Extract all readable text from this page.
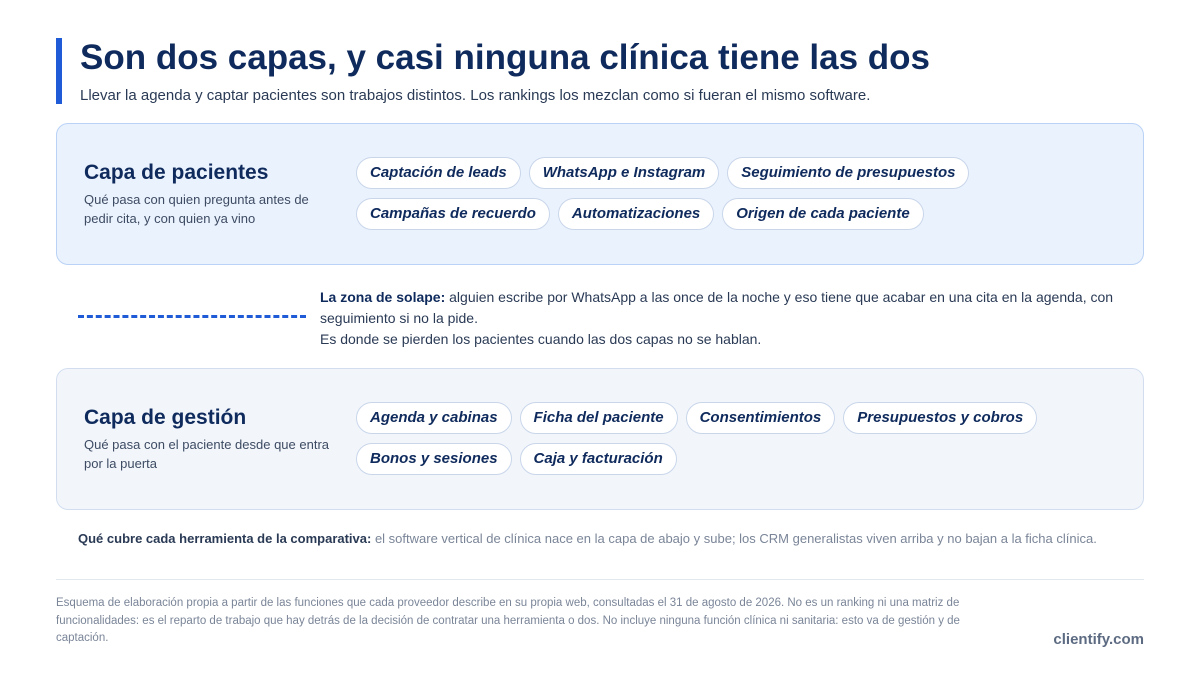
Son dos capas, y casi ninguna clínica tiene las dos

Llevar la agenda y captar pacientes son trabajos distintos. Los rankings los mezclan como si fueran el mismo software.

Capa de pacientes

Qué pasa con quien pregunta antes de pedir cita, y con quien ya vino

Captación de leads	WhatsApp e Instagram	Seguimiento de presupuestos
Campañas de recuerdo	Automatizaciones	Origen de cada paciente

La zona de solape: alguien escribe por WhatsApp a las once de la noche y eso tiene que acabar en una cita en la agenda, con seguimiento si no la pide.
Es donde se pierden los pacientes cuando las dos capas no se hablan.

Capa de gestión

Qué pasa con el paciente desde que entra por la puerta

Agenda y cabinas	Ficha del paciente	Consentimientos	Presupuestos y cobros
Bonos y sesiones	Caja y facturación

Qué cubre cada herramienta de la comparativa: el software vertical de clínica nace en la capa de abajo y sube; los CRM generalistas viven arriba y no bajan a la ficha clínica.

Esquema de elaboración propia a partir de las funciones que cada proveedor describe en su propia web, consultadas el 31 de agosto de 2026. No es un ranking ni una matriz de funcionalidades: es el reparto de trabajo que hay detrás de la decisión de contratar una herramienta o dos. No incluye ninguna función clínica ni sanitaria: esto va de gestión y de captación.	clientify.com
